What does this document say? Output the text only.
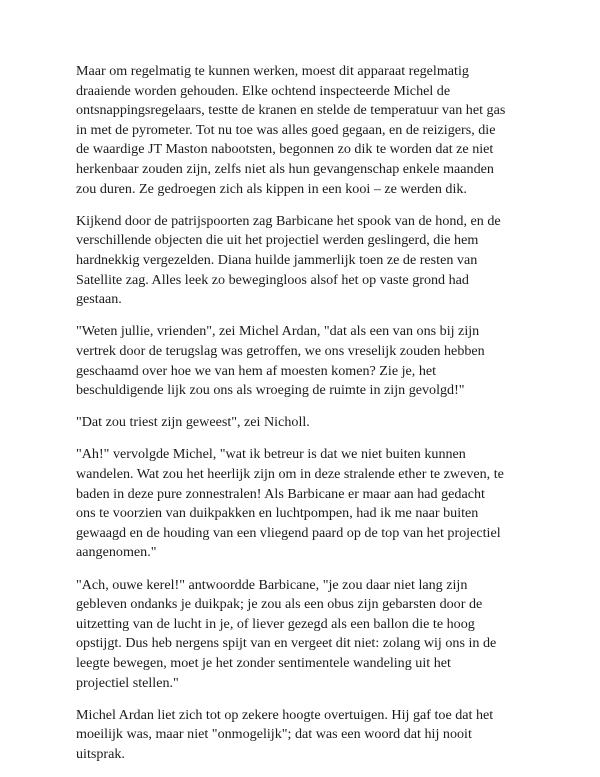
Maar om regelmatig te kunnen werken, moest dit apparaat regelmatig
draaiende worden gehouden. Elke ochtend inspecteerde Michel de
ontsnappingsregelaars, testte de kranen en stelde de temperatuur van het gas
in met de pyrometer. Tot nu toe was alles goed gegaan, en de reizigers, die
de waardige JT Maston nabootsten, begonnen zo dik te worden dat ze niet
herkenbaar zouden zijn, zelfs niet als hun gevangenschap enkele maanden
zou duren. Ze gedroegen zich als kippen in een kooi – ze werden dik.

Kijkend door de patrijspoorten zag Barbicane het spook van de hond, en de
verschillende objecten die uit het projectiel werden geslingerd, die hem
hardnekkig vergezelden. Diana huilde jammerlijk toen ze de resten van
Satellite zag. Alles leek zo bewegingloos alsof het op vaste grond had
gestaan.

"Weten jullie, vrienden", zei Michel Ardan, "dat als een van ons bij zijn
vertrek door de terugslag was getroffen, we ons vreselijk zouden hebben
geschaamd over hoe we van hem af moesten komen? Zie je, het
beschuldigende lijk zou ons als wroeging de ruimte in zijn gevolgd!"

"Dat zou triest zijn geweest", zei Nicholl.

"Ah!" vervolgde Michel, "wat ik betreur is dat we niet buiten kunnen
wandelen. Wat zou het heerlijk zijn om in deze stralende ether te zweven, te
baden in deze pure zonnestralen! Als Barbicane er maar aan had gedacht
ons te voorzien van duikpakken en luchtpompen, had ik me naar buiten
gewaagd en de houding van een vliegend paard op de top van het projectiel
aangenomen."

"Ach, ouwe kerel!" antwoordde Barbicane, "je zou daar niet lang zijn
gebleven ondanks je duikpak; je zou als een obus zijn gebarsten door de
uitzetting van de lucht in je, of liever gezegd als een ballon die te hoog
opstijgt. Dus heb nergens spijt van en vergeet dit niet: zolang wij ons in de
leegte bewegen, moet je het zonder sentimentele wandeling uit het
projectiel stellen."

Michel Ardan liet zich tot op zekere hoogte overtuigen. Hij gaf toe dat het
moeilijk was, maar niet "onmogelijk"; dat was een woord dat hij nooit
uitsprak.
